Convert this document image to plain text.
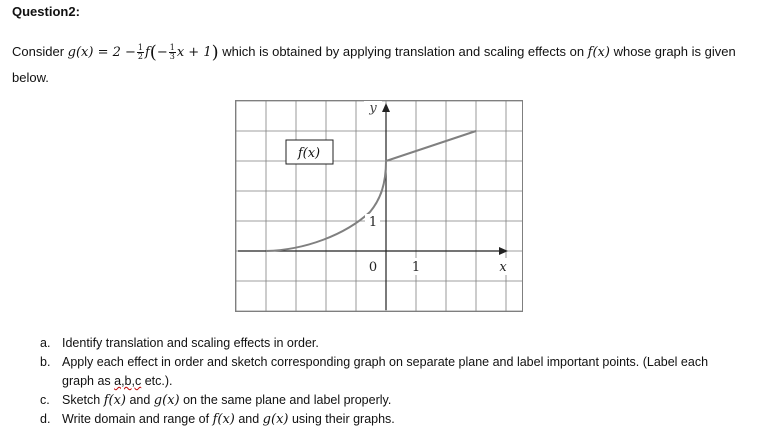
Question2:
Consider $g(x) = 2 - \frac{1}{2} f(- \frac{1}{3}$ x + 1) which is obtained by applying translation and scaling effects on f(x) whose graph is given below.
f(x)
y
1
0	1	x
a. Identify translation and scaling effects in order.
b. Apply each effect in order and sketch corresponding graph on separate plane and label important points. (Label each graph as a,b,c etc.).
c. Sketch f(x) and g(x) on the same plane and label properly.
d. Write domain and range of f(x) and g(x) using their graphs.
